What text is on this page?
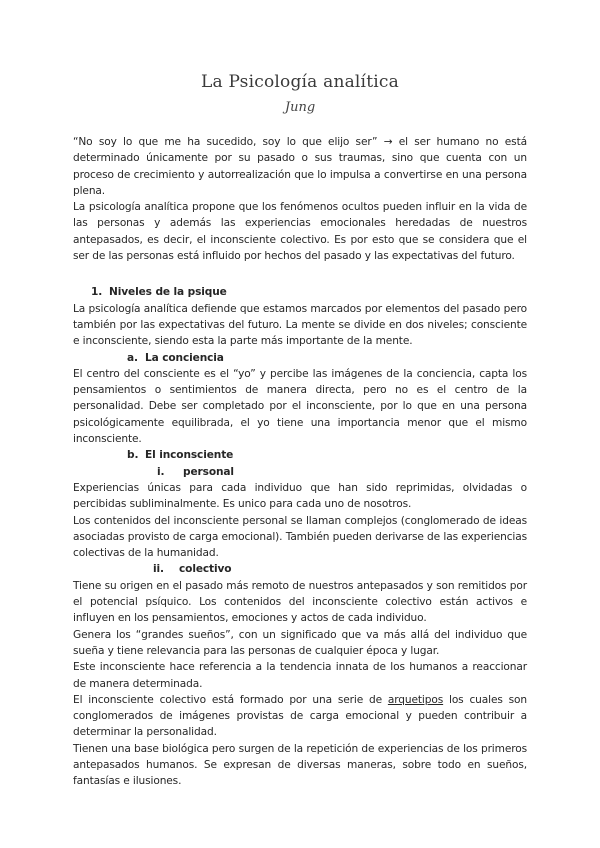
La Psicología analítica
Jung

“No soy lo que me ha sucedido, soy lo que elijo ser” → el ser humano no está determinado únicamente por su pasado o sus traumas, sino que cuenta con un proceso de crecimiento y autorrealización que lo impulsa a convertirse en una persona plena.

La psicología analítica propone que los fenómenos ocultos pueden influir en la vida de las personas y además las experiencias emocionales heredadas de nuestros antepasados, es decir, el inconsciente colectivo. Es por esto que se considera que el ser de las personas está influido por hechos del pasado y las expectativas del futuro.

1. Niveles de la psique

La psicología analítica defiende que estamos marcados por elementos del pasado pero también por las expectativas del futuro. La mente se divide en dos niveles; consciente e inconsciente, siendo esta la parte más importante de la mente.

a. La conciencia

El centro del consciente es el “yo” y percibe las imágenes de la conciencia, capta los pensamientos o sentimientos de manera directa, pero no es el centro de la personalidad. Debe ser completado por el inconsciente, por lo que en una persona psicológicamente equilibrada, el yo tiene una importancia menor que el mismo inconsciente.

b. El inconsciente
i. personal

Experiencias únicas para cada individuo que han sido reprimidas, olvidadas o percibidas subliminalmente. Es unico para cada uno de nosotros.

Los contenidos del inconsciente personal se llaman complejos (conglomerado de ideas asociadas provisto de carga emocional). También pueden derivarse de las experiencias colectivas de la humanidad.

ii. colectivo

Tiene su origen en el pasado más remoto de nuestros antepasados y son remitidos por el potencial psíquico. Los contenidos del inconsciente colectivo están activos e influyen en los pensamientos, emociones y actos de cada individuo.

Genera los “grandes sueños”, con un significado que va más allá del individuo que sueña y tiene relevancia para las personas de cualquier época y lugar.

Este inconsciente hace referencia a la tendencia innata de los humanos a reaccionar de manera determinada.

El inconsciente colectivo está formado por una serie de arquetipos los cuales son conglomerados de imágenes provistas de carga emocional y pueden contribuir a determinar la personalidad.

Tienen una base biológica pero surgen de la repetición de experiencias de los primeros antepasados humanos. Se expresan de diversas maneras, sobre todo en sueños, fantasías e ilusiones.
